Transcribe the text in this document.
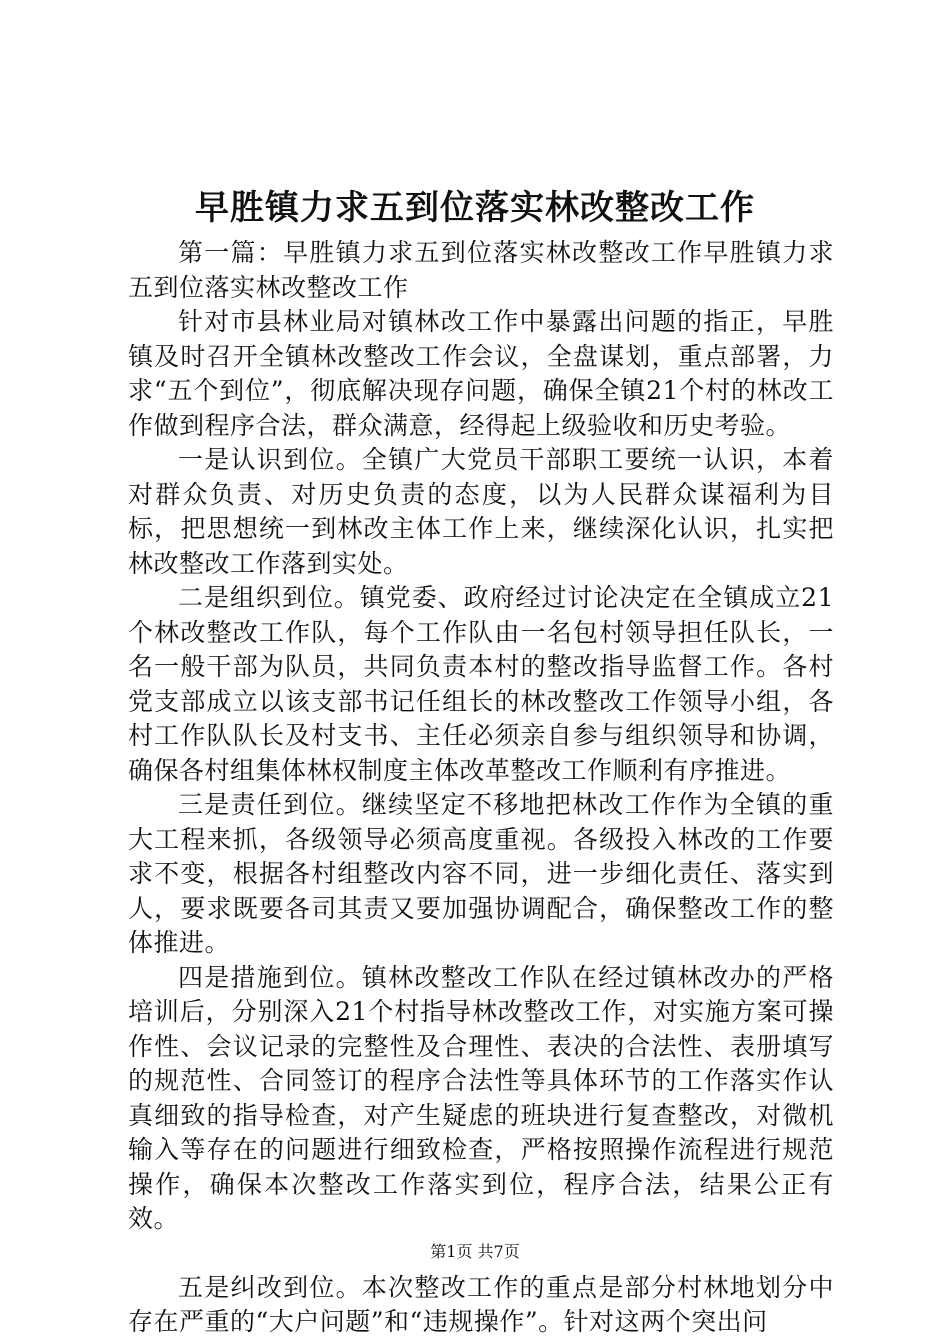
早胜镇力求五到位落实林改整改工作

第一篇：早胜镇力求五到位落实林改整改工作早胜镇力求五到位落实林改整改工作

针对市县林业局对镇林改工作中暴露出问题的指正，早胜镇及时召开全镇林改整改工作会议，全盘谋划，重点部署，力求“五个到位”，彻底解决现存问题，确保全镇21个村的林改工作做到程序合法，群众满意，经得起上级验收和历史考验。

一是认识到位。全镇广大党员干部职工要统一认识，本着对群众负责、对历史负责的态度，以为人民群众谋福利为目标，把思想统一到林改主体工作上来，继续深化认识，扎实把林改整改工作落到实处。

二是组织到位。镇党委、政府经过讨论决定在全镇成立21个林改整改工作队，每个工作队由一名包村领导担任队长，一名一般干部为队员，共同负责本村的整改指导监督工作。各村党支部成立以该支部书记任组长的林改整改工作领导小组，各村工作队队长及村支书、主任必须亲自参与组织领导和协调，确保各村组集体林权制度主体改革整改工作顺利有序推进。

三是责任到位。继续坚定不移地把林改工作作为全镇的重大工程来抓，各级领导必须高度重视。各级投入林改的工作要求不变，根据各村组整改内容不同，进一步细化责任、落实到人，要求既要各司其责又要加强协调配合，确保整改工作的整体推进。

四是措施到位。镇林改整改工作队在经过镇林改办的严格培训后，分别深入21个村指导林改整改工作，对实施方案可操作性、会议记录的完整性及合理性、表决的合法性、表册填写的规范性、合同签订的程序合法性等具体环节的工作落实作认真细致的指导检查，对产生疑虑的班块进行复查整改，对微机输入等存在的问题进行细致检查，严格按照操作流程进行规范操作，确保本次整改工作落实到位，程序合法，结果公正有效。

五是纠改到位。本次整改工作的重点是部分村林地划分中存在严重的“大户问题”和“违规操作”。针对这两个突出问

第1页 共7页
